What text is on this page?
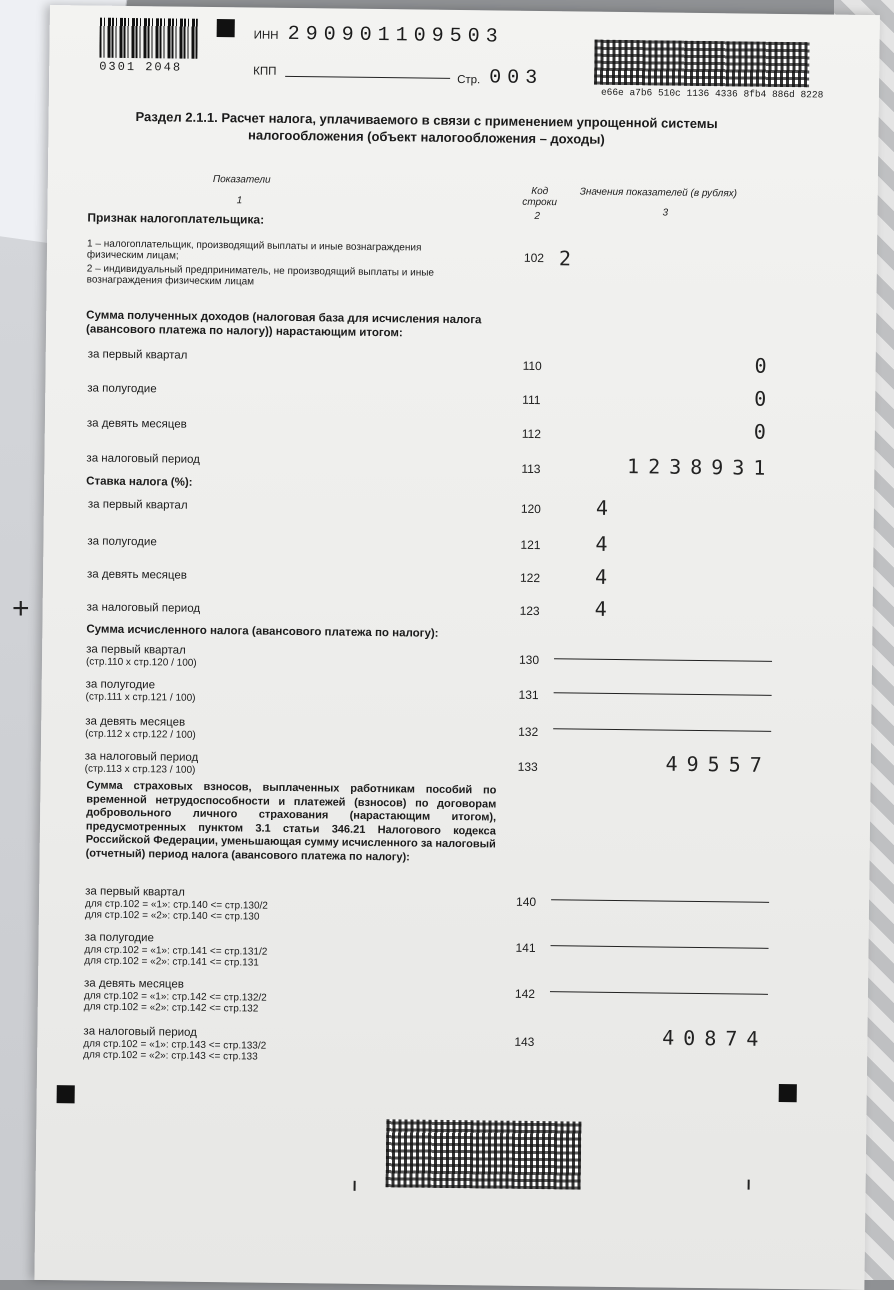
0301 2048
ИНН 290901109503
КПП
Стр. 003
e66e a7b6 510c 1136 4336 8fb4 886d 8228
Раздел 2.1.1. Расчет налога, уплачиваемого в связи с применением упрощенной системы налогообложения (объект налогообложения – доходы)
Показатели
1
Код строки
2
Значения показателей (в рублях)
3
Признак налогоплательщика:
1 – налогоплательщик, производящий выплаты и иные вознаграждения физическим лицам;
2 – индивидуальный предприниматель, не производящий выплаты и иные вознаграждения физическим лицам
102 2
Сумма полученных доходов (налоговая база для исчисления налога (авансового платежа по налогу)) нарастающим итогом:
за первый квартал
110	0
за полугодие
111	0
за девять месяцев
112	0
за налоговый период
113	1238931
Ставка налога (%):
за первый квартал	120	4
за полугодие	121	4
за девять месяцев	122	4
за налоговый период	123	4
Сумма исчисленного налога (авансового платежа по налогу):
за первый квартал
(стр.110 х стр.120 / 100)	130
за полугодие
(стр.111 х стр.121 / 100)	131
за девять месяцев
(стр.112 х стр.122 / 100)	132
за налоговый период
(стр.113 х стр.123 / 100)	133	49557
Сумма страховых взносов, выплаченных работникам пособий по временной нетрудоспособности и платежей (взносов) по договорам добровольного личного страхования (нарастающим итогом), предусмотренных пунктом 3.1 статьи 346.21 Налогового кодекса Российской Федерации, уменьшающая сумму исчисленного за налоговый (отчетный) период налога (авансового платежа по налогу):
за первый квартал
для стр.102 = «1»: стр.140 <= стр.130/2
для стр.102 = «2»: стр.140 <= стр.130
140
за полугодие
для стр.102 = «1»: стр.141 <= стр.131/2
для стр.102 = «2»: стр.141 <= стр.131
141
за девять месяцев
для стр.102 = «1»: стр.142 <= стр.132/2
для стр.102 = «2»: стр.142 <= стр.132
142
за налоговый период
для стр.102 = «1»: стр.143 <= стр.133/2
для стр.102 = «2»: стр.143 <= стр.133
143	40874
+
